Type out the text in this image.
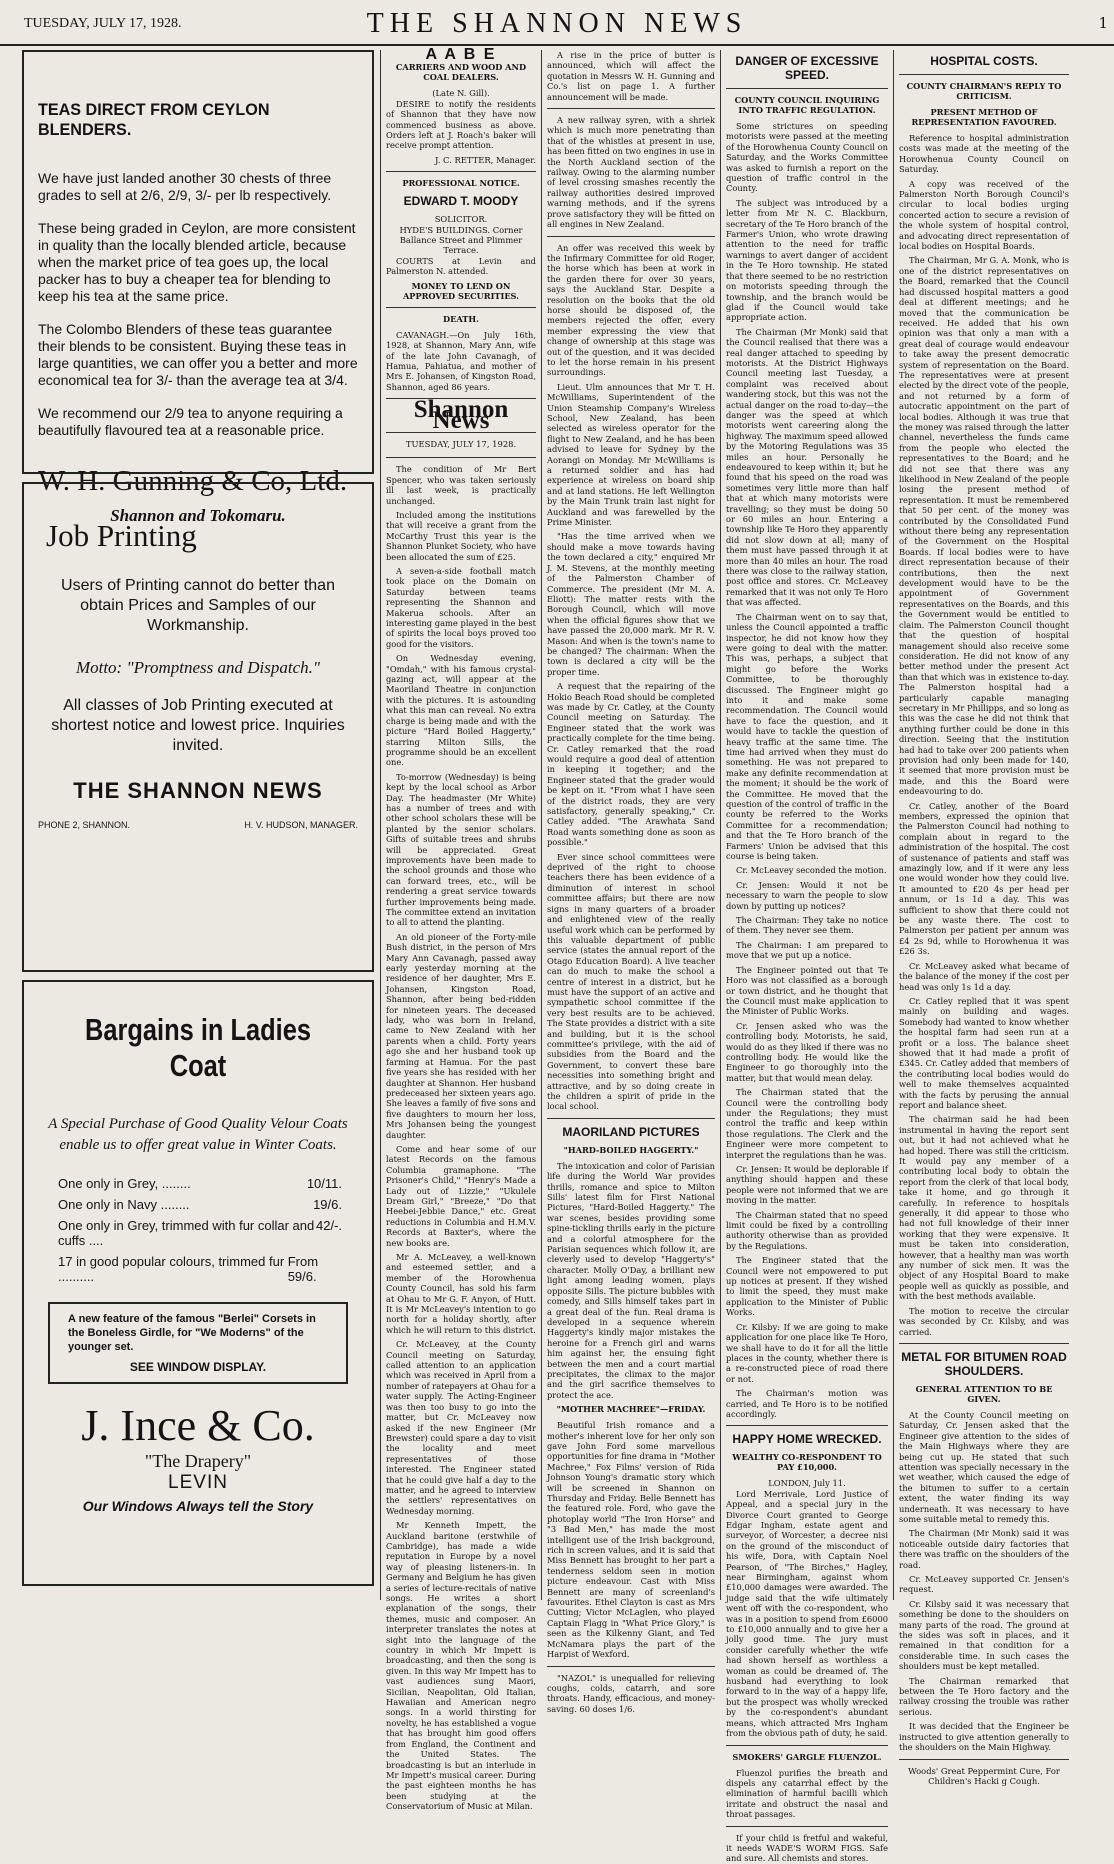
TUESDAY, JULY 17, 1928.	THE SHANNON NEWS	1
TEAS DIRECT FROM CEYLON BLENDERS.

We have just landed another 30 chests of three grades to sell at 2/6, 2/9, 3/- per lb respectively.

These being graded in Ceylon, are more consistent in quality than the locally blended article, because when the market price of tea goes up, the local packer has to buy a cheaper tea for blending to keep his tea at the same price.

The Colombo Blenders of these teas guarantee their blends to be consistent. Buying these teas in large quantities, we can offer you a better and more economical tea for 3/- than the average tea at 3/4.

We recommend our 2/9 tea to anyone requiring a beautifully flavoured tea at a reasonable price.

W. H. Gunning & Co, Ltd.
Shannon and Tokomaru.
Job Printing
Users of Printing cannot do better than obtain Prices and Samples of our Workmanship.
Motto: "Promptness and Dispatch."
All classes of Job Printing executed at shortest notice and lowest price. Inquiries invited.
THE SHANNON NEWS
PHONE 2, SHANNON.	H. V. HUDSON, MANAGER.
Bargains in Ladies Coat
A Special Purchase of Good Quality Velour Coats enable us to offer great value in Winter Coats.
One only in Grey, ........	10/11.
One only in Navy ........	19/6.
One only in Grey, trimmed with fur collar and cuffs ....
42/-.
17 in good popular colours, trimmed fur ..........
From 59/6.
A new feature of the famous "Berlei" Corsets in the Boneless Girdle, for "We Moderns" of the younger set.
SEE WINDOW DISPLAY.
J. Ince & Co.
"The Drapery"
LEVIN
Our Windows Always tell the Story
A A B E
CARRIERS AND WOOD AND COAL DEALERS.
(Late N. Gill).

DESIRE to notify the residents of Shannon that they have now commenced business as above. Orders left at J. Roach's baker will receive prompt attention.

J. C. RETTER, Manager.
PROFESSIONAL NOTICE.
EDWARD T. MOODY
SOLICITOR.
HYDE'S BUILDINGS. Corner Ballance Street and Plimmer Terrace.

COURTS at Levin and Palmerston N. attended.

MONEY TO LEND ON APPROVED SECURITIES.
DEATH.

CAVANAGH.—On July 16th, 1928, at Shannon, Mary Ann, wife of the late John Cavanagh, of Hamua, Pahiatua, and mother of Mrs E. Johansen, of Kingston Road, Shannon, aged 86 years.

Shannon News
TUESDAY, JULY 17, 1928.

The condition of Mr Bert Spencer, who was taken seriously ill last week, is practically unchanged.

Included among the institutions that will receive a grant from the McCarthy Trust this year is the Shannon Plunket Society, who have been allocated the sum of £25.

A seven-a-side football match took place on the Domain on Saturday between teams representing the Shannon and Makerua schools. After an interesting game played in the best of spirits the local boys proved too good for the visitors.

On Wednesday evening, "Omdah," with his famous crystal-gazing act, will appear at the Maoriland Theatre in conjunction with the pictures. It is astounding what this man can reveal. No extra charge is being made and with the picture "Hard Boiled Haggerty," starring Milton Sills, the programme should be an excellent one.

To-morrow (Wednesday) is being kept by the local school as Arbor Day. The headmaster (Mr White) has a number of trees and with other school scholars these will be planted by the senior scholars. Gifts of suitable trees and shrubs will be appreciated. Great improvements have been made to the school grounds and those who can forward trees, etc., will be rendering a great service towards further improvements being made. The committee extend an invitation to all to attend the planting.

An old pioneer of the Forty-mile Bush district, in the person of Mrs Mary Ann Cavanagh, passed away early yesterday morning at the residence of her daughter, Mrs E. Johansen, Kingston Road, Shannon, after being bed-ridden for nineteen years. The deceased lady, who was born in Ireland, came to New Zealand with her parents when a child. Forty years ago she and her husband took up farming at Hamua. For the past five years she has resided with her daughter at Shannon. Her husband predeceased her sixteen years ago. She leaves a family of five sons and five daughters to mourn her loss, Mrs Johansen being the youngest daughter.

Come and hear some of our latest Records on the famous Columbia gramaphone. "The Prisoner's Child," "Henry's Made a Lady out of Lizzie," "Ukulele Dream Girl," "Breeze," "Do that Heebei-Jebbie Dance," etc. Great reductions in Columbia and H.M.V. Records at Baxter's, where the new books are.

Mr A. McLeavey, a well-known and esteemed settler, and a member of the Horowhenua County Council, has sold his farm at Ohau to Mr G. F. Anyon, of Hutt. It is Mr McLeavey's intention to go north for a holiday shortly, after which he will return to this district.

Cr. McLeavey, at the County Council meeting on Saturday, called attention to an application which was received in April from a number of ratepayers at Ohau for a water supply. The Acting-Engineer was then too busy to go into the matter, but Cr. McLeavey now asked if the new Engineer (Mr Brewster) could spare a day to visit the locality and meet representatives of those interested. The Engineer stated that he could give half a day to the matter, and he agreed to interview the settlers' representatives on Wednesday morning.

Mr Kenneth Impett, the Auckland baritone (erstwhile of Cambridge), has made a wide reputation in Europe by a novel way of pleasing listeners-in. In Germany and Belgium he has given a series of lecture-recitals of native songs. He writes a short explanation of the songs, their themes, music and composer. An interpreter translates the notes at sight into the language of the country in which Mr Impett is broadcasting, and then the song is given. In this way Mr Impett has to vast audiences sung Maori, Sicilian, Neapolitan, Old Italian, Hawaiian and American negro songs. In a world thirsting for novelty, he has established a vogue that has brought him good offers from England, the Continent and the United States. The broadcasting is but an interlude in Mr Impett's musical career. During the past eighteen months he has been studying at the Conservatorium of Music at Milan.

A rise in the price of butter is announced, which will affect the quotation in Messrs W. H. Gunning and Co.'s list on page 1. A further announcement will be made.

A new railway syren, with a shriek which is much more penetrating than that of the whistles at present in use, has been fitted on two engines in use in the North Auckland section of the railway. Owing to the alarming number of level crossing smashes recently the railway authorities desired improved warning methods, and if the syrens prove satisfactory they will be fitted on all engines in New Zealand.

An offer was received this week by the Infirmary Committee for old Roger, the horse which has been at work in the garden there for over 30 years, says the Auckland Star. Despite a resolution on the books that the old horse should be disposed of, the members rejected the offer, every member expressing the view that change of ownership at this stage was out of the question, and it was decided to let the horse remain in his present surroundings.

Lieut. Ulm announces that Mr T. H. McWilliams, Superintendent of the Union Steamship Company's Wireless School, New Zealand, has been selected as wireless operator for the flight to New Zealand, and he has been advised to leave for Sydney by the Aorangi on Monday. Mr McWilliams is a returned soldier and has had experience at wireless on board ship and at land stations. He left Wellington by the Main Trunk train last night for Auckland and was farewelled by the Prime Minister.

"Has the time arrived when we should make a move towards having the town declared a city," enquired Mr J. M. Stevens, at the monthly meeting of the Palmerston Chamber of Commerce. The president (Mr M. A. Eliott): The matter rests with the Borough Council, which will move when the official figures show that we have passed the 20,000 mark. Mr R. V. Mason: And when is the town's name to be changed? The chairman: When the town is declared a city will be the proper time.

A request that the repairing of the Hokio Beach Road should be completed was made by Cr. Catley, at the County Council meeting on Saturday. The Engineer stated that the work was practically complete for the time being. Cr. Catley remarked that the road would require a good deal of attention in keeping it together; and the Engineer stated that the grader would be kept on it. "From what I have seen of the district roads, they are very satisfactory, generally speaking," Cr. Catley added. "The Arawhata Sand Road wants something done as soon as possible."

Ever since school committees were deprived of the right to choose teachers there has been evidence of a diminution of interest in school committee affairs; but there are now signs in many quarters of a broader and enlightened view of the really useful work which can be performed by this valuable department of public service (states the annual report of the Otago Education Board). A live teacher can do much to make the school a centre of interest in a district, but he must have the support of an active and sympathetic school committee if the very best results are to be achieved. The State provides a district with a site and building, but it is the school committee's privilege, with the aid of subsidies from the Board and the Government, to convert these bare necessities into something bright and attractive, and by so doing create in the children a spirit of pride in the local school.

MAORILAND PICTURES
"HARD-BOILED HAGGERTY."

The intoxication and color of Parisian life during the World War provides thrills, romance and spice to Milton Sills' latest film for First National Pictures, "Hard-Boiled Haggerty." The war scenes, besides providing some spine-tickling thrills early in the picture and a colorful atmosphere for the Parisian sequences which follow it, are cleverly used to develop "Haggerty's" character. Molly O'Day, a brilliant new light among leading women, plays opposite Sills. The picture bubbles with comedy, and Sills himself takes part in a great deal of the fun. Real drama is developed in a sequence wherein Haggerty's kindly major mistakes the heroine for a French girl and warns him against her, the ensuing fight between the men and a court martial precipitates, the climax to the major and the girl sacrifice themselves to protect the ace.

"MOTHER MACHREE"—FRIDAY.

Beautiful Irish romance and a mother's inherent love for her only son gave John Ford some marvellous opportunities for fine drama in "Mother Machree," Fox Films' version of Rida Johnson Young's dramatic story which will be screened in Shannon on Thursday and Friday. Belle Bennett has the featured role. Ford, who gave the photoplay world "The Iron Horse" and "3 Bad Men," has made the most intelligent use of the Irish background, rich in screen values, and it is said that Miss Bennett has brought to her part a tenderness seldom seen in motion picture endeavour. Cast with Miss Bennett are many of screenland's favourites. Ethel Clayton is cast as Mrs Cutting; Victor McLaglen, who played Captain Flagg in "What Price Glory," is seen as the Kilkenny Giant, and Ted McNamara plays the part of the Harpist of Wexford.

"NAZOL" is unequalled for relieving coughs, colds, catarrh, and sore throats. Handy, efficacious, and money-saving. 60 doses 1/6.

DANGER OF EXCESSIVE SPEED.
COUNTY COUNCIL INQUIRING INTO TRAFFIC REGULATION.

Some strictures on speeding motorists were passed at the meeting of the Horowhenua County Council on Saturday, and the Works Committee was asked to furnish a report on the question of traffic control in the County.

The subject was introduced by a letter from Mr N. C. Blackburn, secretary of the Te Horo branch of the Farmer's Union, who wrote drawing attention to the need for traffic warnings to avert danger of accident in the Te Horo township. He stated that there seemed to be no restriction on motorists speeding through the township, and the branch would be glad if the Council would take appropriate action.

The Chairman (Mr Monk) said that the Council realised that there was a real danger attached to speeding by motorists. At the District Highways Council meeting last Tuesday, a complaint was received about wandering stock, but this was not the actual danger on the road to-day—the danger was the speed at which motorists went careering along the highway. The maximum speed allowed by the Motoring Regulations was 35 miles an hour. Personally he endeavoured to keep within it; but he found that his speed on the road was sometimes very little more than half that at which many motorists were travelling; so they must be doing 50 or 60 miles an hour. Entering a township like Te Horo they apparently did not slow down at all; many of them must have passed through it at more than 40 miles an hour. The road there was close to the railway station, post office and stores. Cr. McLeavey remarked that it was not only Te Horo that was affected.

The Chairman went on to say that, unless the Council appointed a traffic inspector, he did not know how they were going to deal with the matter. This was, perhaps, a subject that might go before the Works Committee, to be thoroughly discussed. The Engineer might go into it and make some recommendation. The Council would have to face the question, and it would have to tackle the question of heavy traffic at the same time. The time had arrived when they must do something. He was not prepared to make any definite recommendation at the moment; it should be the work of the Committee. He moved that the question of the control of traffic in the county be referred to the Works Committee for a recommendation; and that the Te Horo branch of the Farmers' Union be advised that this course is being taken.

Cr. McLeavey seconded the motion.

Cr. Jensen: Would it not be necessary to warn the people to slow down by putting up notices?

The Chairman: They take no notice of them. They never see them.

The Chairman: I am prepared to move that we put up a notice.

The Engineer pointed out that Te Horo was not classified as a borough or town district, and he thought that the Council must make application to the Minister of Public Works.

Cr. Jensen asked who was the controlling body. Motorists, he said, would do as they liked if there was no controlling body. He would like the Engineer to go thoroughly into the matter, but that would mean delay.

The Chairman stated that the Council were the controlling body under the Regulations; they must control the traffic and keep within those regulations. The Clerk and the Engineer were more competent to interpret the regulations than he was.

Cr. Jensen: It would be deplorable if anything should happen and these people were not informed that we are moving in the matter.

The Chairman stated that no speed limit could be fixed by a controlling authority otherwise than as provided by the Regulations.

The Engineer stated that the Council were not empowered to put up notices at present. If they wished to limit the speed, they must make application to the Minister of Public Works.

Cr. Kilsby: If we are going to make application for one place like Te Horo, we shall have to do it for all the little places in the county, whether there is a re-constructed piece of road there or not.

The Chairman's motion was carried, and Te Horo is to be notified accordingly.

HAPPY HOME WRECKED.
WEALTHY CO-RESPONDENT TO PAY £10,000.
LONDON, July 11.

Lord Merrivale, Lord Justice of Appeal, and a special jury in the Divorce Court granted to George Edgar Ingham, estate agent and surveyor, of Worcester, a decree nisi on the ground of the misconduct of his wife, Dora, with Captain Noel Pearson, of "The Birches," Hagley, near Birmingham, against whom £10,000 damages were awarded. The judge said that the wife ultimately went off with the co-respondent, who was in a position to spend from £6000 to £10,000 annually and to give her a jolly good time. The jury must consider carefully whether the wife had shown herself as worthless a woman as could be dreamed of. The husband had everything to look forward to in the way of a happy life, but the prospect was wholly wrecked by the co-respondent's abundant means, which attracted Mrs Ingham from the obvious path of duty, he said.

SMOKERS' GARGLE FLUENZOL.

Fluenzol purifies the breath and dispels any catarrhal effect by the elimination of harmful bacilli which irritate and obstruct the nasal and throat passages.

If your child is fretful and wakeful, it needs WADE'S WORM FIGS. Safe and sure. All chemists and stores.

HOSPITAL COSTS.
COUNTY CHAIRMAN'S REPLY TO CRITICISM.
PRESENT METHOD OF REPRESENTATION FAVOURED.

Reference to hospital administration costs was made at the meeting of the Horowhenua County Council on Saturday.

A copy was received of the Palmerston North Borough Council's circular to local bodies urging concerted action to secure a revision of the whole system of hospital control, and advocating direct representation of local bodies on Hospital Boards.

The Chairman, Mr G. A. Monk, who is one of the district representatives on the Board, remarked that the Council had discussed hospital matters a good deal at different meetings; and he moved that the communication be received. He added that his own opinion was that only a man with a great deal of courage would endeavour to take away the present democratic system of representation on the Board. The representatives were at present elected by the direct vote of the people, and not returned by a form of autocratic appointment on the part of local bodies. Although it was true that the money was raised through the latter channel, nevertheless the funds came from the people who elected the representatives to the Board; and he did not see that there was any likelihood in New Zealand of the people losing the present method of representation. It must be remembered that 50 per cent. of the money was contributed by the Consolidated Fund without there being any representation of the Government on the Hospital Boards. If local bodies were to have direct representation because of their contributions, then the next development would have to be the appointment of Government representatives on the Boards, and this the Government would be entitled to claim. The Palmerston Council thought that the question of hospital management should also receive some consideration. He did not know of any better method under the present Act than that which was in existence to-day. The Palmerston hospital had a particularly capable managing secretary in Mr Phillipps, and so long as this was the case he did not think that anything further could be done in this direction. Seeing that the institution had had to take over 200 patients when provision had only been made for 140, it seemed that more provision must be made, and this the Board were endeavouring to do.

Cr. Catley, another of the Board members, expressed the opinion that the Palmerston Council had nothing to complain about in regard to the administration of the hospital. The cost of sustenance of patients and staff was amazingly low, and if it were any less one would wonder how they could live. It amounted to £20 4s per head per annum, or 1s 1d a day. This was sufficient to show that there could not be any waste there. The cost to Palmerston per patient per annum was £4 2s 9d, while to Horowhenua it was £26 3s.

Cr. McLeavey asked what became of the balance of the money if the cost per head was only 1s 1d a day.

Cr. Catley replied that it was spent mainly on building and wages. Somebody had wanted to know whether the hospital farm had seen run at a profit or a loss. The balance sheet showed that it had made a profit of £345. Cr. Catley added that members of the contributing local bodies would do well to make themselves acquainted with the facts by perusing the annual report and balance sheet.

The chairman said he had been instrumental in having the report sent out, but it had not achieved what he had hoped. There was still the criticism. It would pay any member of a contributing local body to obtain the report from the clerk of that local body, take it home, and go through it carefully. In reference to hospitals generally, it did appear to those who had not full knowledge of their inner working that they were expensive. It must be taken into consideration, however, that a healthy man was worth any number of sick men. It was the object of any Hospital Board to make people well as quickly as possible, and with the best methods available.

The motion to receive the circular was seconded by Cr. Kilsby, and was carried.

METAL FOR BITUMEN ROAD SHOULDERS.
GENERAL ATTENTION TO BE GIVEN.

At the County Council meeting on Saturday, Cr. Jensen asked that the Engineer give attention to the sides of the Main Highways where they are being cut up. He stated that such attention was specially necessary in the wet weather, which caused the edge of the bitumen to suffer to a certain extent, the water finding its way underneath. It was necessary to have some suitable metal to remedy this.

The Chairman (Mr Monk) said it was noticeable outside dairy factories that there was traffic on the shoulders of the road.

Cr. McLeavey supported Cr. Jensen's request.

Cr. Kilsby said it was necessary that something be done to the shoulders on many parts of the road. The ground at the sides was soft in places, and it remained in that condition for a considerable time. In such cases the shoulders must be kept metalled.

The Chairman remarked that between the Te Horo factory and the railway crossing the trouble was rather serious.

It was decided that the Engineer be instructed to give attention generally to the shoulders on the Main Highway.

Woods' Great Peppermint Cure, For Children's Hacki g Cough.
